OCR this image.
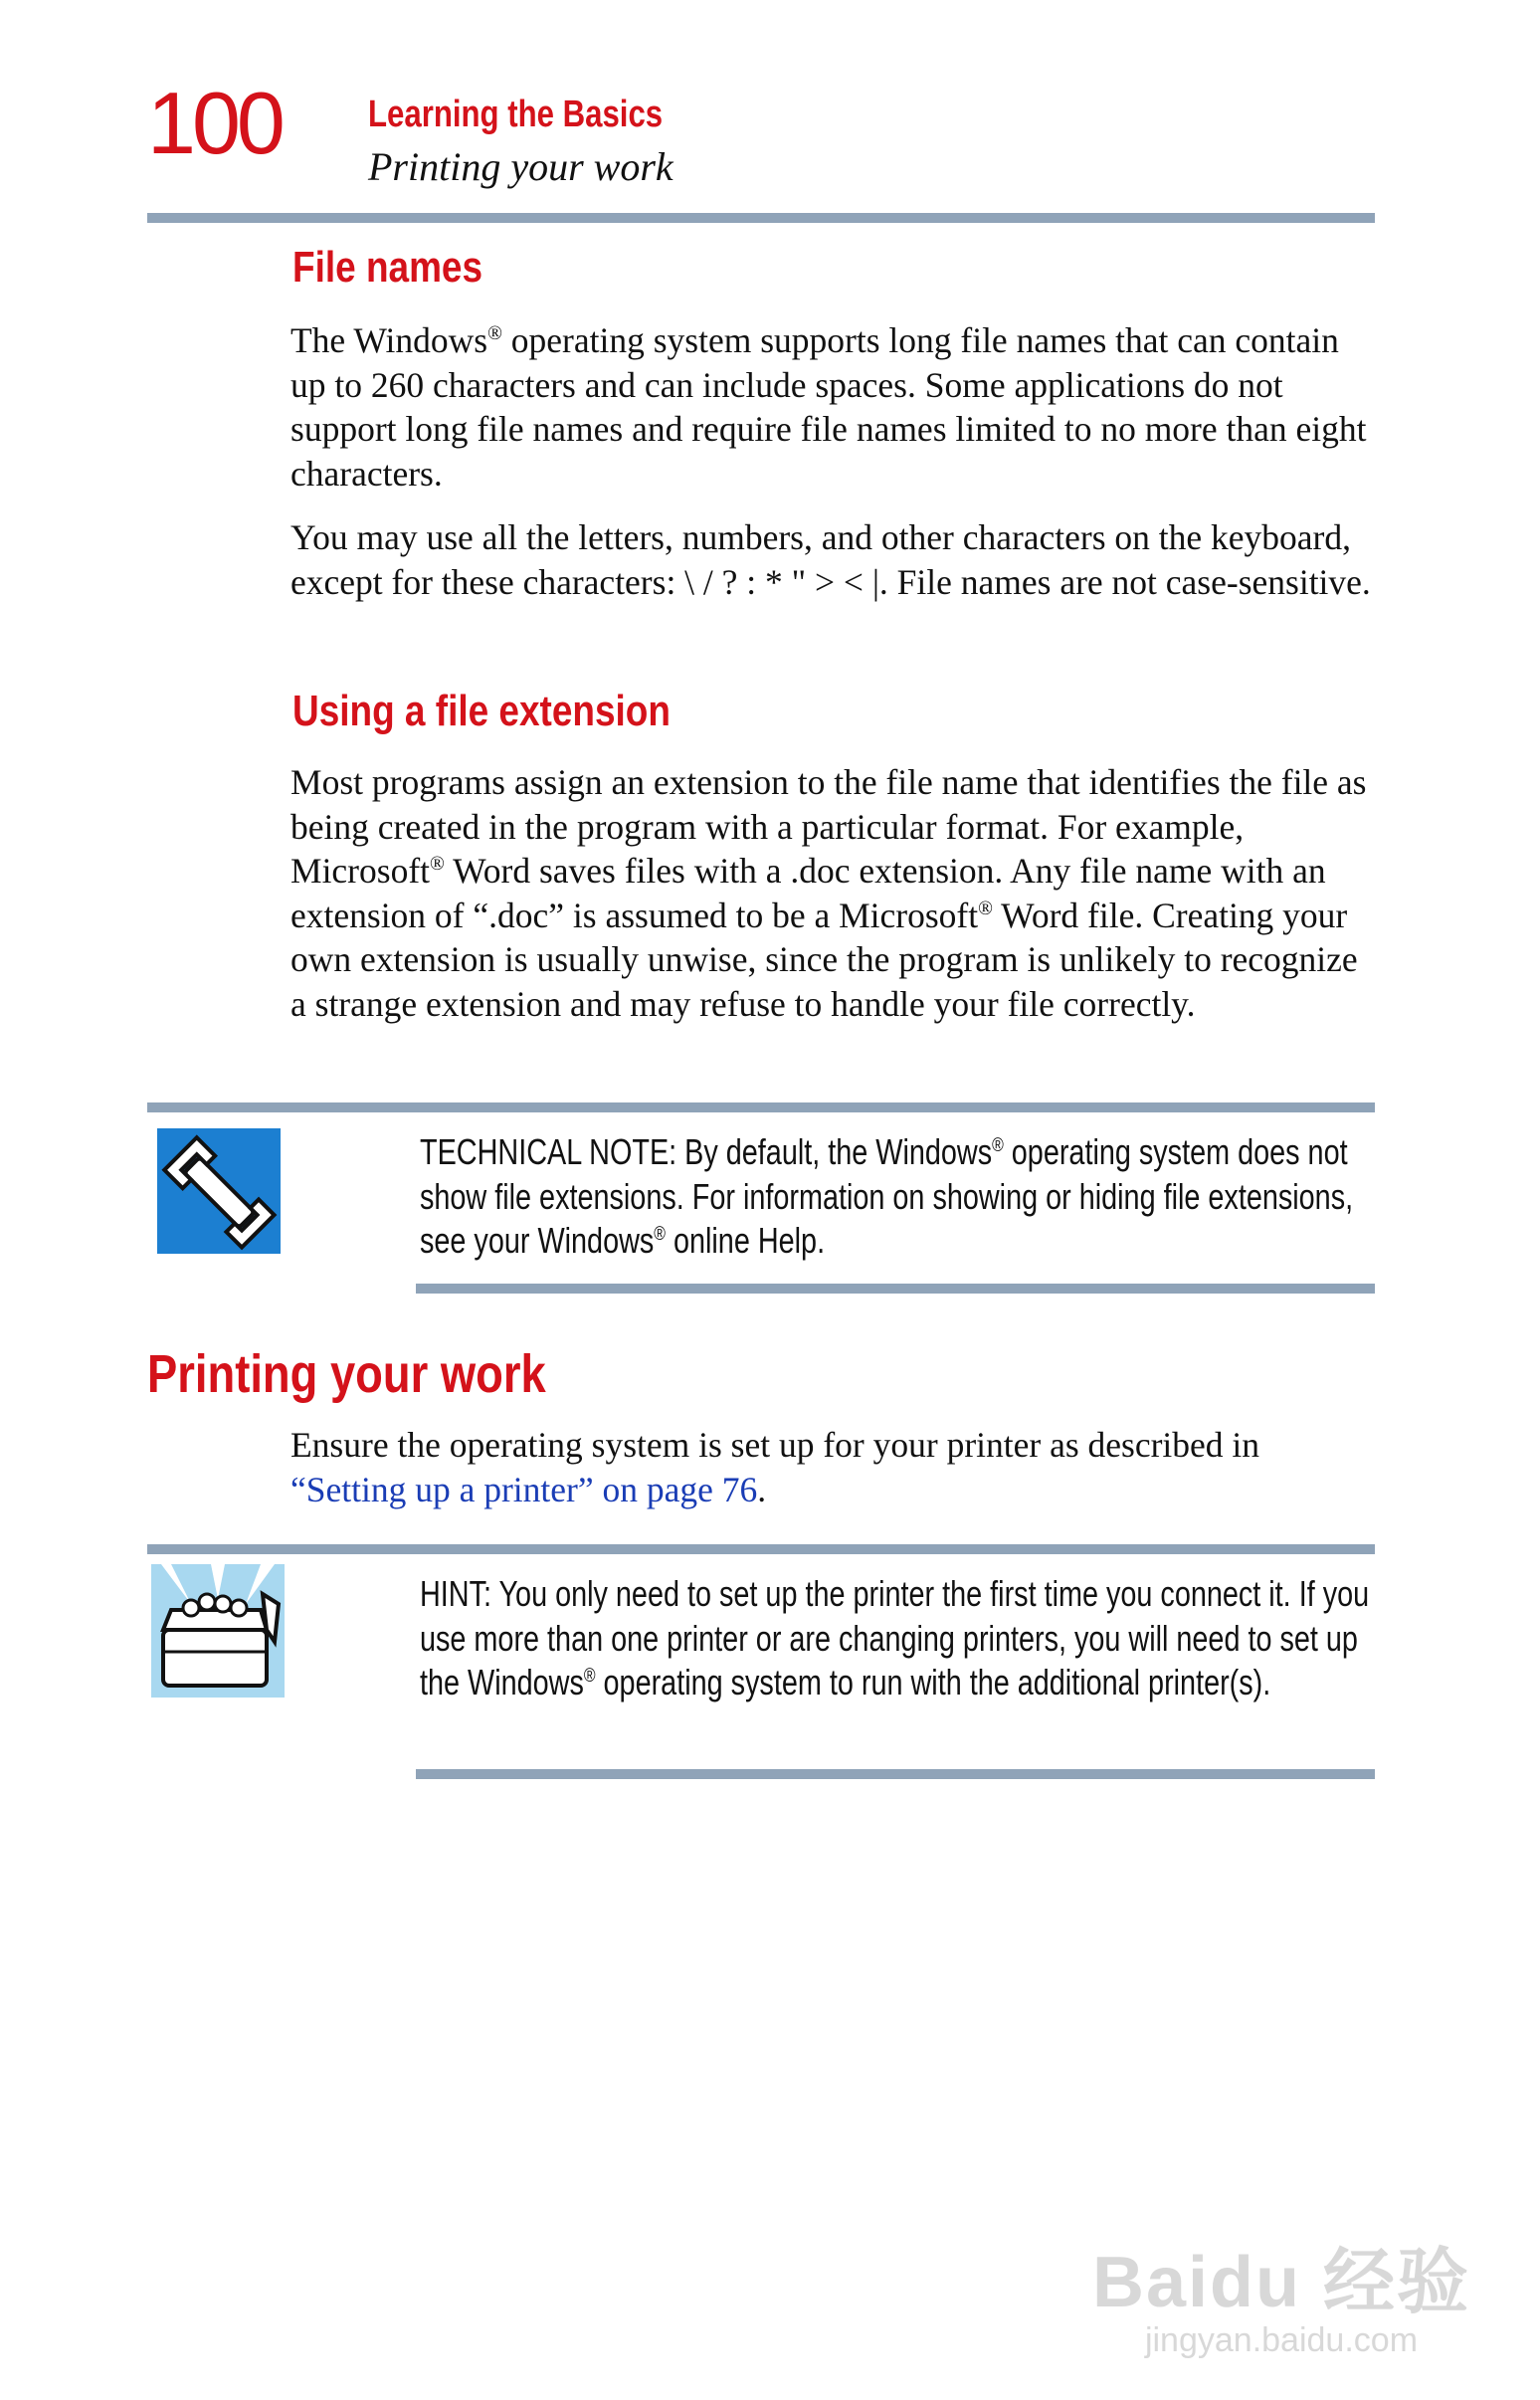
100 Learning the Basics
Printing your work
File names

The Windows® operating system supports long file names that can contain up to 260 characters and can include spaces. Some applications do not support long file names and require file names limited to no more than eight characters.

You may use all the letters, numbers, and other characters on the keyboard, except for these characters: \ / ? : * " > < |. File names are not case-sensitive.

Using a file extension

Most programs assign an extension to the file name that identifies the file as being created in the program with a particular format. For example, Microsoft® Word saves files with a .doc extension. Any file name with an extension of “.doc” is assumed to be a Microsoft® Word file. Creating your own extension is usually unwise, since the program is unlikely to recognize a strange extension and may refuse to handle your file correctly.

TECHNICAL NOTE: By default, the Windows® operating system does not show file extensions. For information on showing or hiding file extensions, see your Windows® online Help.

Printing your work

Ensure the operating system is set up for your printer as described in “Setting up a printer” on page 76.

HINT: You only need to set up the printer the first time you connect it. If you use more than one printer or are changing printers, you will need to set up the Windows® operating system to run with the additional printer(s).

Baidu 经验
jingyan.baidu.com
